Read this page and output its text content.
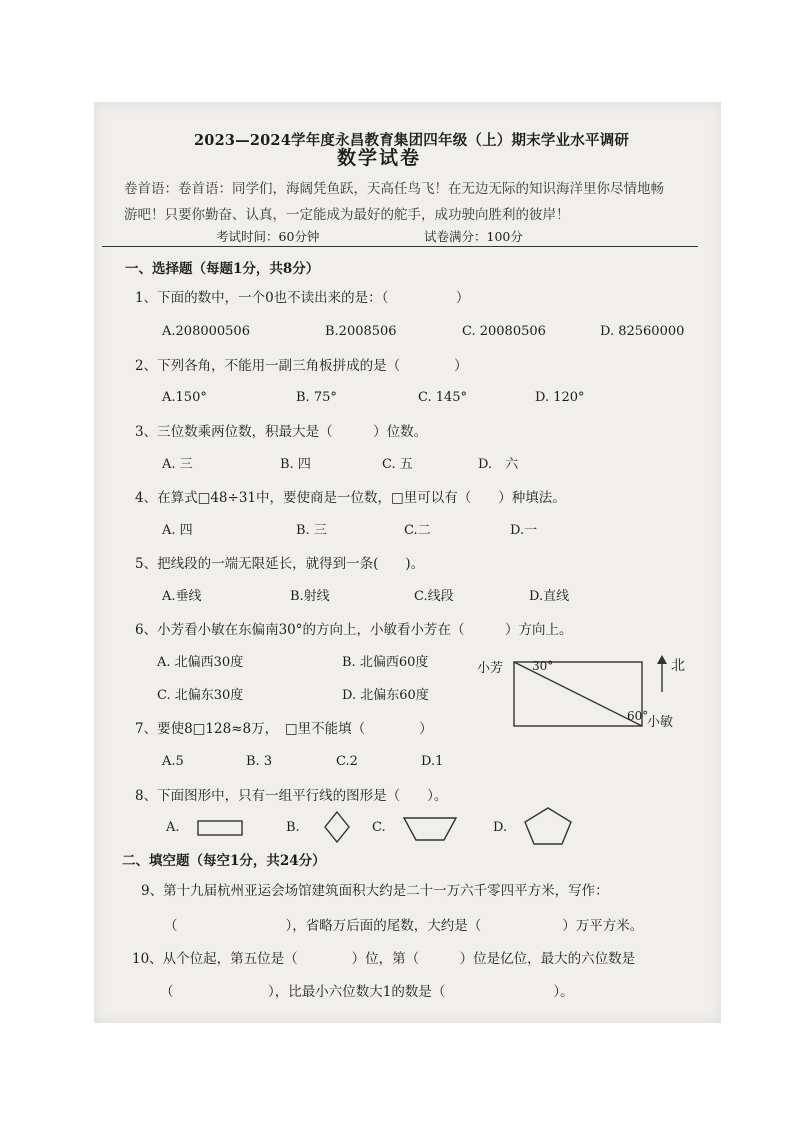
2023—2024学年度永昌教育集团四年级（上）期末学业水平调研
数学试卷
卷首语：卷首语：同学们，海阔凭鱼跃，天高任鸟飞！在无边无际的知识海洋里你尽情地畅
游吧！只要你勤奋、认真，一定能成为最好的舵手，成功驶向胜利的彼岸！
考试时间：60分钟	试卷满分：100分
一、选择题（每题1分，共8分）
1、下面的数中，一个0也不读出来的是：（　　　　　）
A.208000506	B.2008506	C. 20080506	D. 82560000
2、下列各角，不能用一副三角板拼成的是（　　　　）
A.150°	B. 75°	C. 145°	D. 120°
3、三位数乘两位数，积最大是（　　　）位数。
A. 三	B. 四	C. 五	D.　六
4、在算式□48÷31中，要使商是一位数，□里可以有（　　）种填法。
A. 四	B. 三	C.二	D.一
5、把线段的一端无限延长，就得到一条(　　)。
A.垂线	B.射线	C.线段	D.直线
6、小芳看小敏在东偏南30°的方向上，小敏看小芳在（　　　）方向上。
A. 北偏西30度	B. 北偏西60度
C. 北偏东30度	D. 北偏东60度
小芳 30°
60°
小敏
北
7、要使8□128≈8万，　□里不能填（　　　　）
A.5	B. 3	C.2	D.1
8、下面图形中，只有一组平行线的图形是（　　）。
A.	B.	C.	D.
二、填空题（每空1分，共24分）
9、第十九届杭州亚运会场馆建筑面积大约是二十一万六千零四平方米，写作：
（　　　　　　　　），省略万后面的尾数，大约是（　　　　　　）万平方米。
10、从个位起，第五位是（　　　　）位，第（　　　）位是亿位，最大的六位数是
（　　　　　　　），比最小六位数大1的数是（　　　　　　　　）。
